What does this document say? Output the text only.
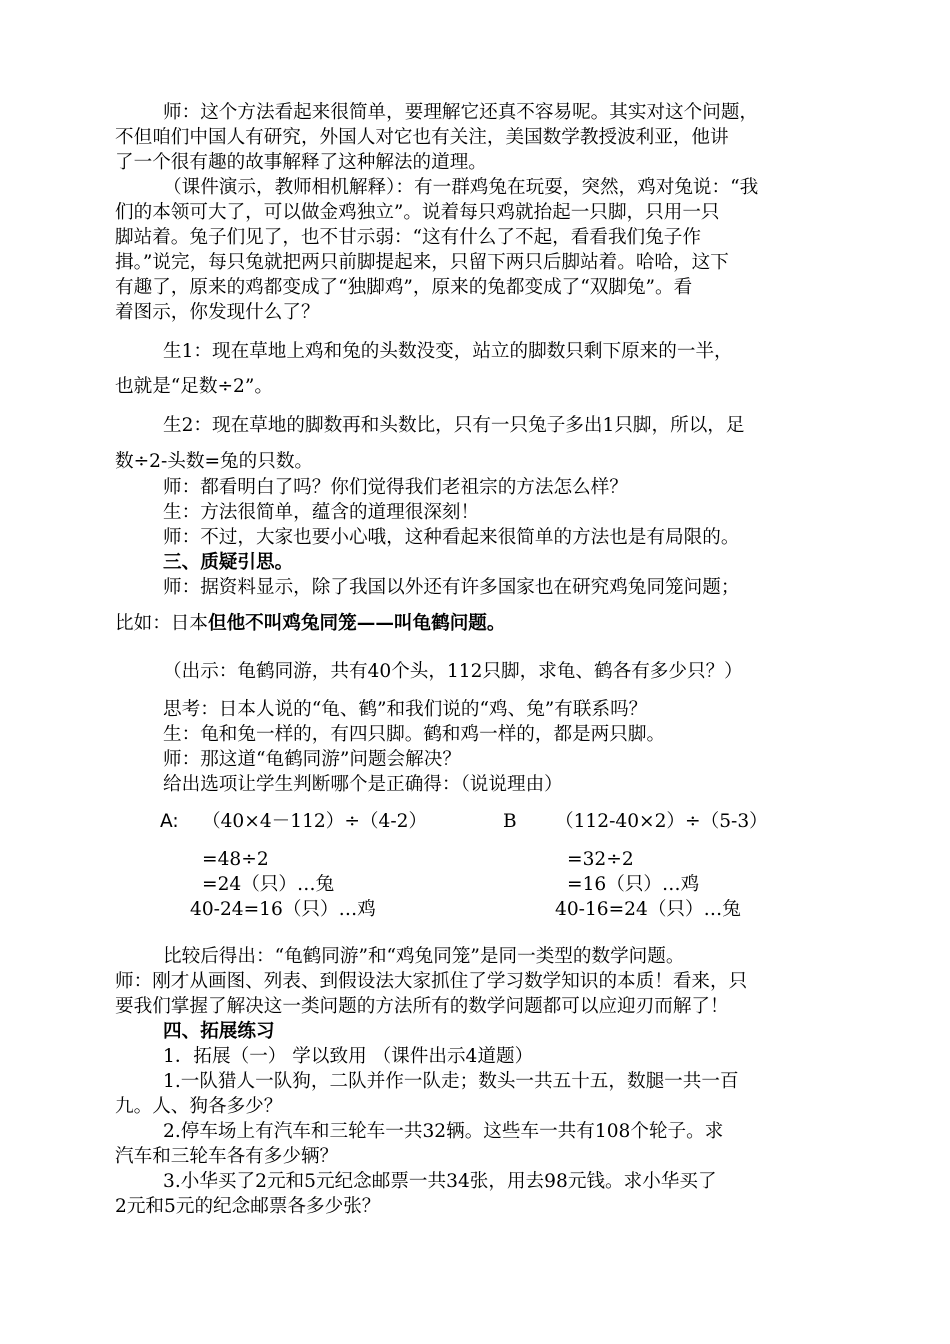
师：这个方法看起来很简单，要理解它还真不容易呢。其实对这个问题，
不但咱们中国人有研究，外国人对它也有关注，美国数学教授波利亚，他讲
了一个很有趣的故事解释了这种解法的道理。
（课件演示，教师相机解释）：有一群鸡兔在玩耍，突然，鸡对兔说：“我
们的本领可大了，可以做金鸡独立”。说着每只鸡就抬起一只脚，只用一只
脚站着。兔子们见了，也不甘示弱：“这有什么了不起，看看我们兔子作
揖。”说完，每只兔就把两只前脚提起来，只留下两只后脚站着。哈哈，这下
有趣了，原来的鸡都变成了“独脚鸡”，原来的兔都变成了“双脚兔”。看
着图示，你发现什么了？
生1：现在草地上鸡和兔的头数没变，站立的脚数只剩下原来的一半，
也就是“足数÷2”。
生2：现在草地的脚数再和头数比，只有一只兔子多出1只脚，所以，足
数÷2-头数=兔的只数。
师：都看明白了吗？你们觉得我们老祖宗的方法怎么样？
生：方法很简单，蕴含的道理很深刻！
师：不过，大家也要小心哦，这种看起来很简单的方法也是有局限的。
三、质疑引思。
师：据资料显示，除了我国以外还有许多国家也在研究鸡兔同笼问题；
（出示：龟鹤同游，共有40个头，112只脚，求龟、鹤各有多少只？）
思考：日本人说的“龟、鹤”和我们说的“鸡、兔”有联系吗？
生：龟和兔一样的，有四只脚。鹤和鸡一样的，都是两只脚。
师：那这道“龟鹤同游”问题会解决？
给出选项让学生判断哪个是正确得：（说说理由）
比较后得出：“龟鹤同游”和“鸡兔同笼”是同一类型的数学问题。
师：刚才从画图、列表、到假设法大家抓住了学习数学知识的本质！看来，只
要我们掌握了解决这一类问题的方法所有的数学问题都可以应迎刃而解了！
四、拓展练习
1．拓展（一） 学以致用 （课件出示4道题）
1.一队猎人一队狗，二队并作一队走；数头一共五十五，数腿一共一百
九。人、狗各多少？
2.停车场上有汽车和三轮车一共32辆。这些车一共有108个轮子。求
汽车和三轮车各有多少辆？
3.小华买了2元和5元纪念邮票一共34张，用去98元钱。求小华买了
2元和5元的纪念邮票各多少张？
比如：日本但他不叫鸡兔同笼——叫龟鹤问题。
A: （40×4－112）÷（4-2）
=48÷2
=24（只）…兔
40-24=16（只）…鸡
B （112-40×2）÷（5-3）
=32÷2
=16（只）…鸡
40-16=24（只）…兔
